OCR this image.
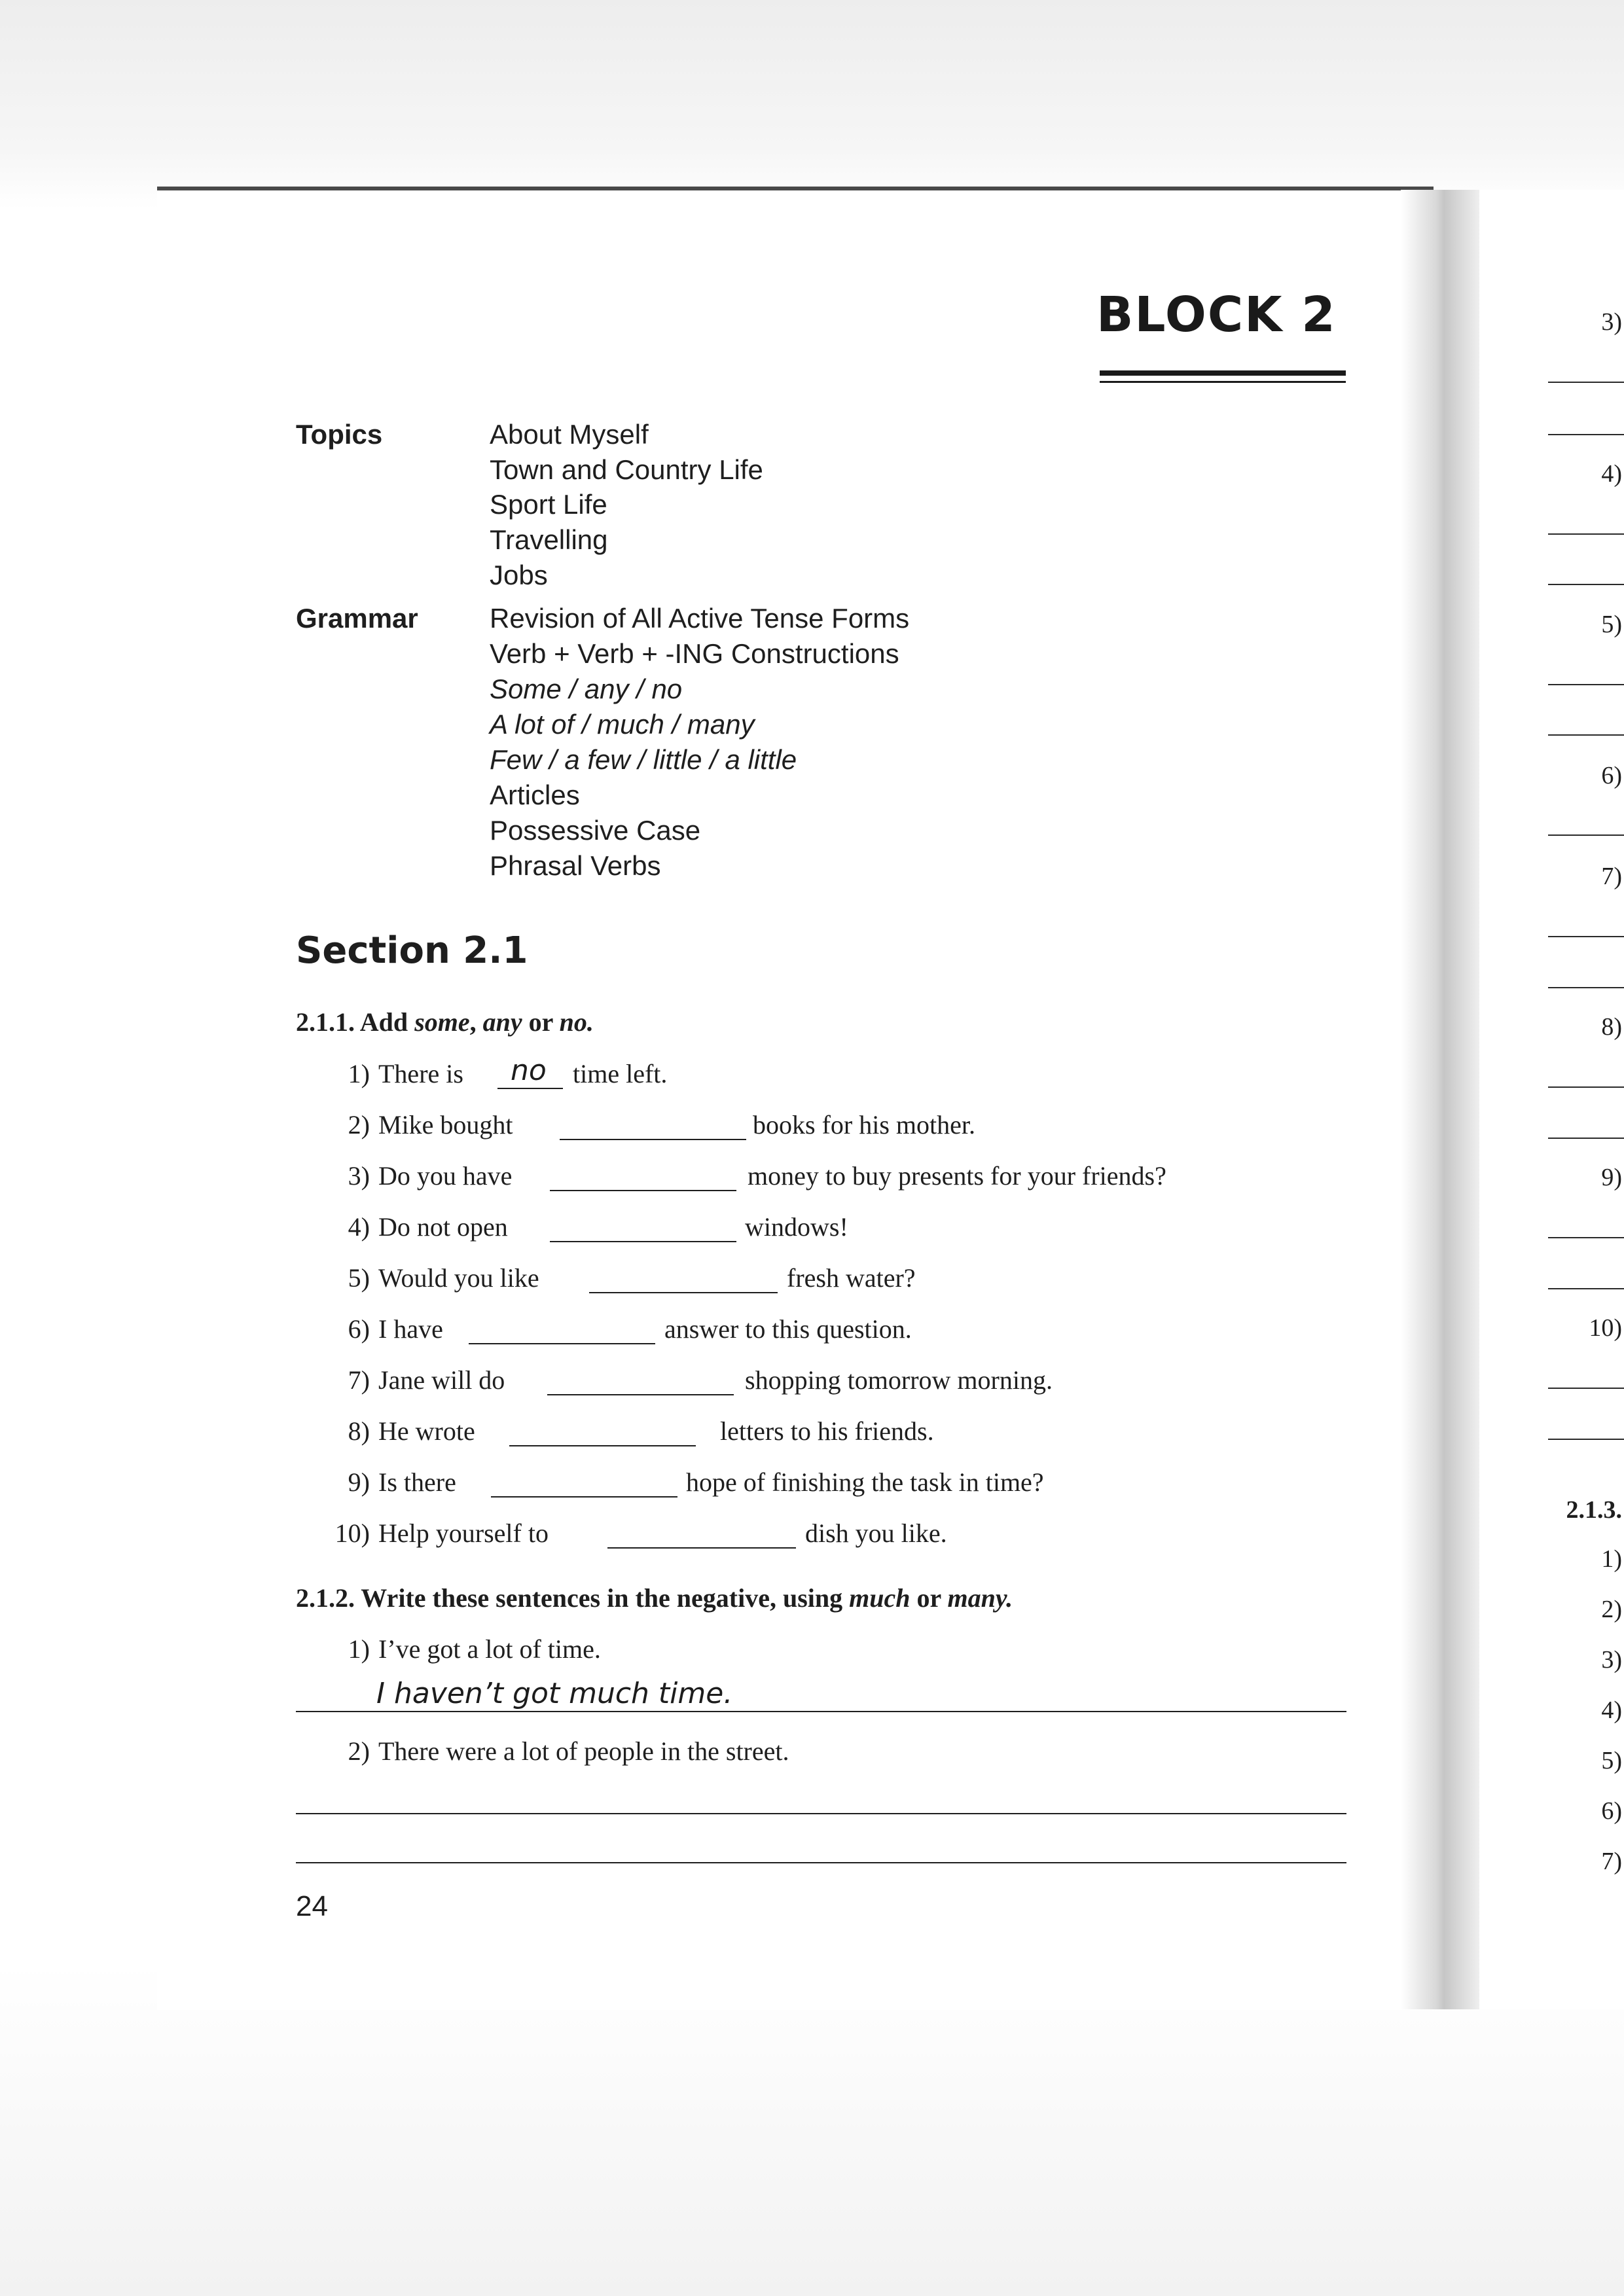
BLOCK 2
Topics	About Myself
Town and Country Life
Sport Life
Travelling
Jobs
Grammar	Revision of All Active Tense Forms
Verb + Verb + -ING Constructions
Some / any / no
A lot of / much / many
Few / a few / little / a little
Articles
Possessive Case
Phrasal Verbs
Section 2.1
2.1.1. Add some, any or no.
1) There is no time left.
2) Mike bought	books for his mother.
3) Do you have	money to buy presents for your friends?
4) Do not open	windows!
5) Would you like	fresh water?
6) I have	answer to this question.
7) Jane will do	shopping tomorrow morning.
8) He wrote	letters to his friends.
9) Is there	hope of finishing the task in time?
10) Help yourself to	dish you like.
2.1.2. Write these sentences in the negative, using much or many.
1) I’ve got a lot of time.
I haven’t got much time.
2) There were a lot of people in the street.
24
3)
4)
5)
6)
7)
8)
9)
10)
2.1.3.
1)
2)
3)
4)
5)
6)
7)
